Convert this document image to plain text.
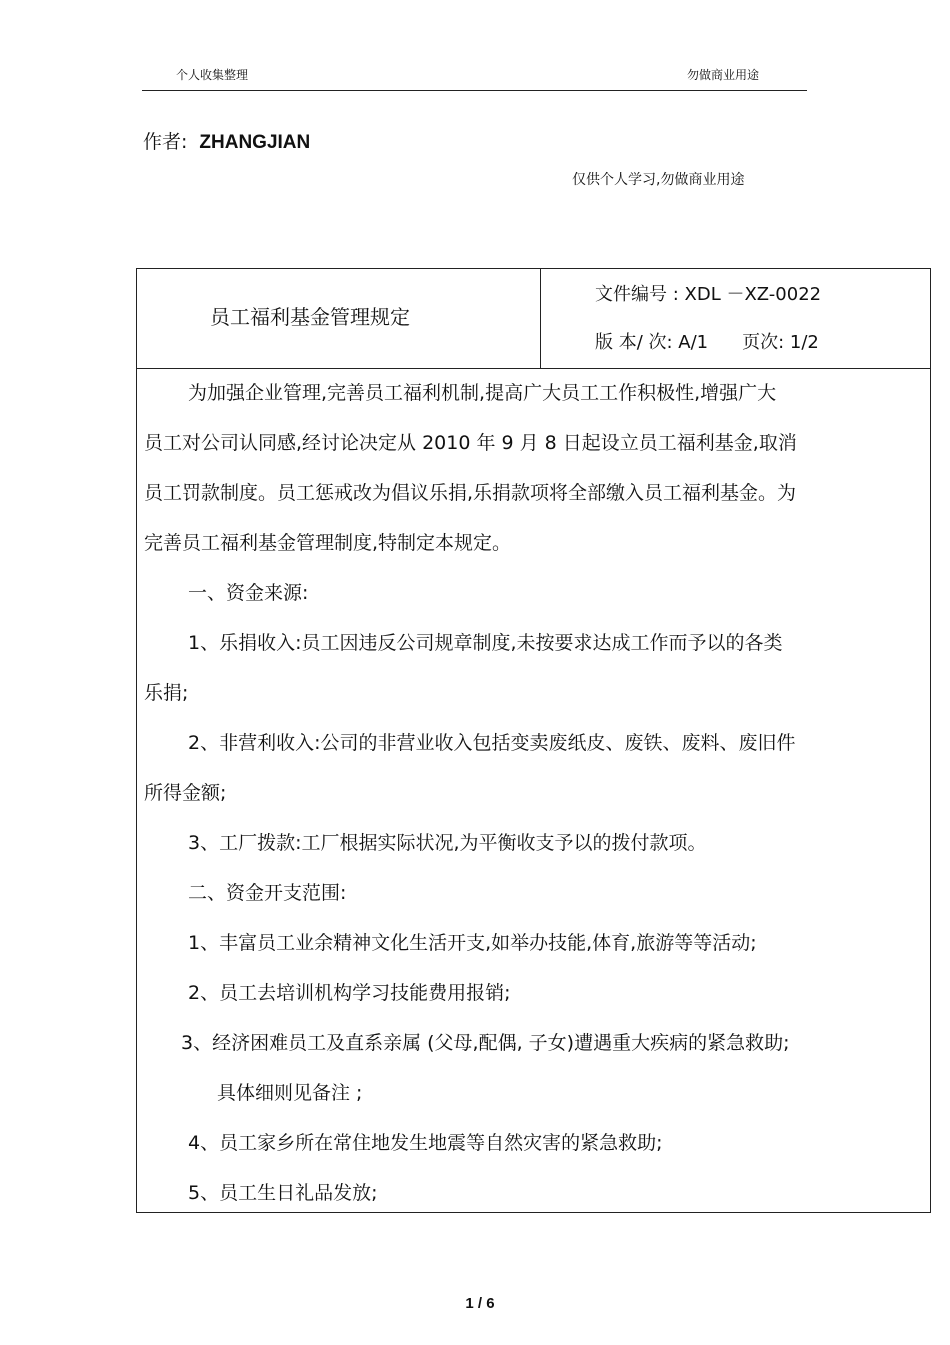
个人收集整理	勿做商业用途
作者: ZHANGJIAN
仅供个人学习,勿做商业用途
员工福利基金管理规定
文件编号 : XDL －XZ-0022
版 本/ 次: A/1 页次: 1/2
为加强企业管理,完善员工福利机制,提高广大员工工作积极性,增强广大
员工对公司认同感,经讨论决定从 2010 年 9 月 8 日起设立员工福利基金,取消
员工罚款制度。员工惩戒改为倡议乐捐,乐捐款项将全部缴入员工福利基金。为
完善员工福利基金管理制度,特制定本规定。
一、资金来源:
1、乐捐收入:员工因违反公司规章制度,未按要求达成工作而予以的各类
乐捐;
2、非营利收入:公司的非营业收入包括变卖废纸皮、废铁、废料、废旧件
所得金额;
3、工厂拨款:工厂根据实际状况,为平衡收支予以的拨付款项。
二、资金开支范围:
1、丰富员工业余精神文化生活开支,如举办技能,体育,旅游等等活动;
2、员工去培训机构学习技能费用报销;
3、经济困难员工及直系亲属 (父母,配偶, 子女)遭遇重大疾病的紧急救助;
具体细则见备注 ;
4、员工家乡所在常住地发生地震等自然灾害的紧急救助;
5、员工生日礼品发放;
1 / 6
